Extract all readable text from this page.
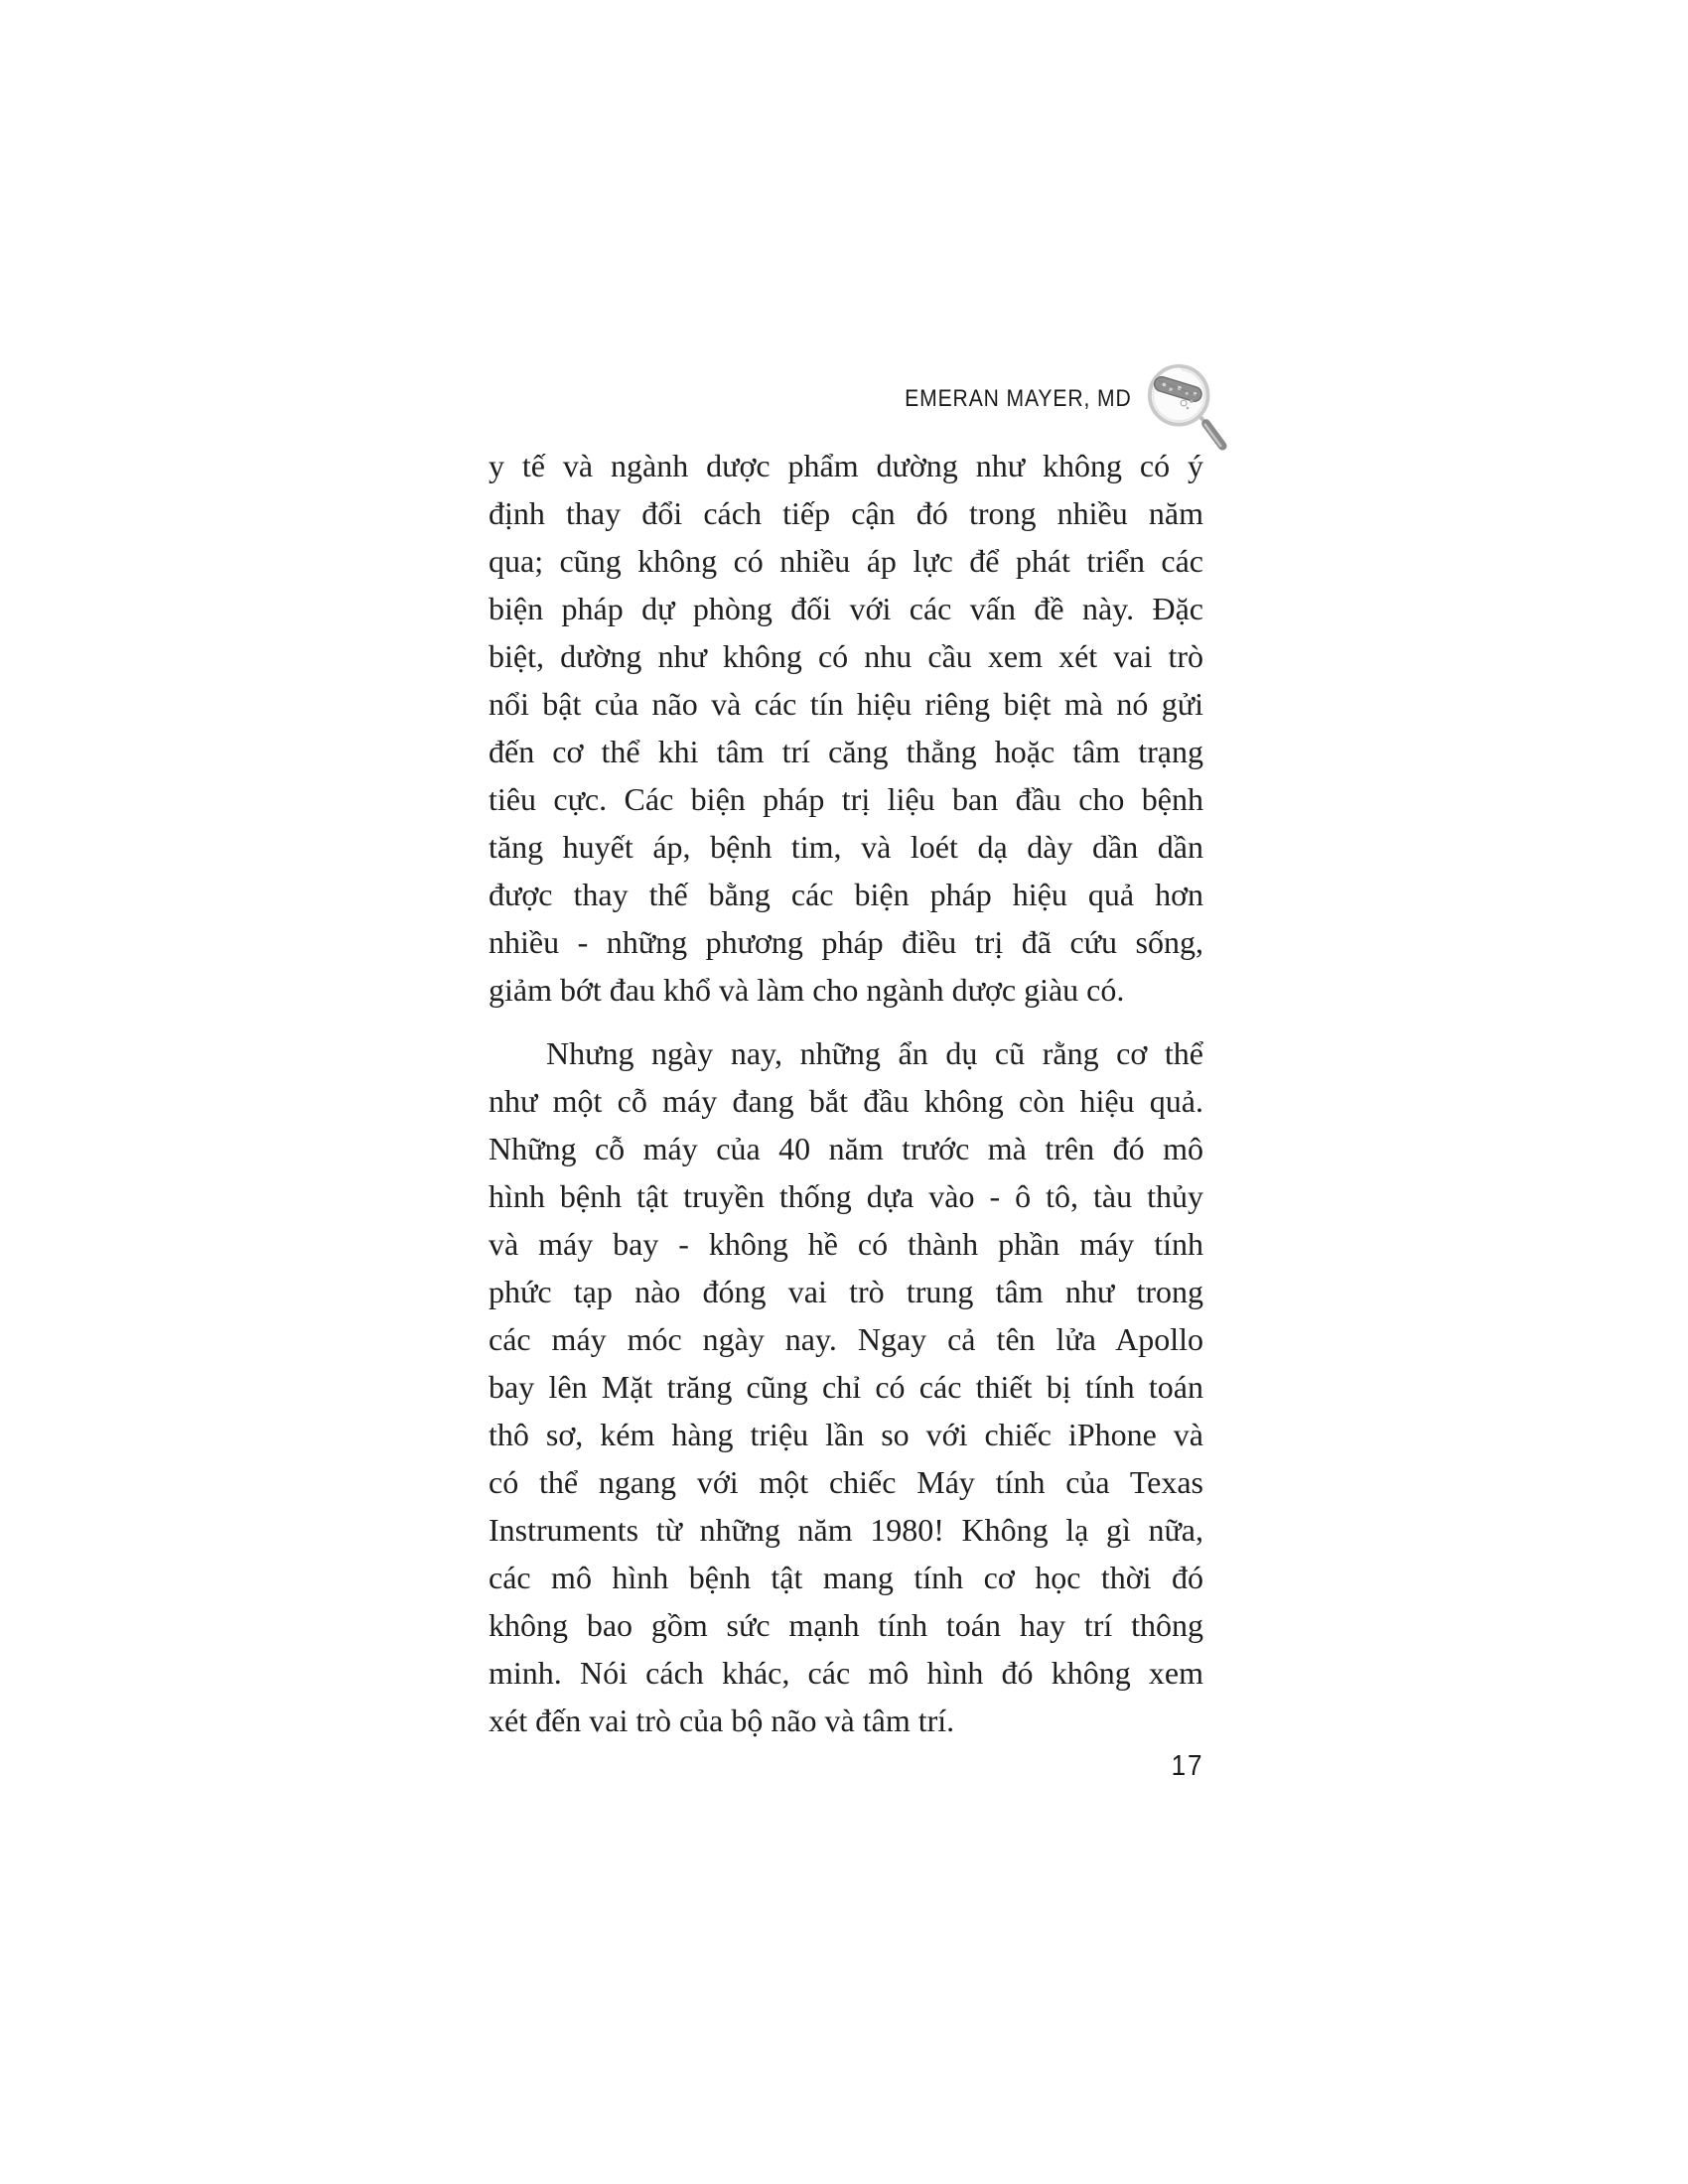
EMERAN MAYER, MD
y tế và ngành dược phẩm dường như không có ý
định thay đổi cách tiếp cận đó trong nhiều năm
qua; cũng không có nhiều áp lực để phát triển các
biện pháp dự phòng đối với các vấn đề này. Đặc
biệt, dường như không có nhu cầu xem xét vai trò
nổi bật của não và các tín hiệu riêng biệt mà nó gửi
đến cơ thể khi tâm trí căng thẳng hoặc tâm trạng
tiêu cực. Các biện pháp trị liệu ban đầu cho bệnh
tăng huyết áp, bệnh tim, và loét dạ dày dần dần
được thay thế bằng các biện pháp hiệu quả hơn
nhiều - những phương pháp điều trị đã cứu sống,
giảm bớt đau khổ và làm cho ngành dược giàu có.
Nhưng ngày nay, những ẩn dụ cũ rằng cơ thể
như một cỗ máy đang bắt đầu không còn hiệu quả.
Những cỗ máy của 40 năm trước mà trên đó mô
hình bệnh tật truyền thống dựa vào - ô tô, tàu thủy
và máy bay - không hề có thành phần máy tính
phức tạp nào đóng vai trò trung tâm như trong
các máy móc ngày nay. Ngay cả tên lửa Apollo
bay lên Mặt trăng cũng chỉ có các thiết bị tính toán
thô sơ, kém hàng triệu lần so với chiếc iPhone và
có thể ngang với một chiếc Máy tính của Texas
Instruments từ những năm 1980! Không lạ gì nữa,
các mô hình bệnh tật mang tính cơ học thời đó
không bao gồm sức mạnh tính toán hay trí thông
minh. Nói cách khác, các mô hình đó không xem
xét đến vai trò của bộ não và tâm trí.
17
